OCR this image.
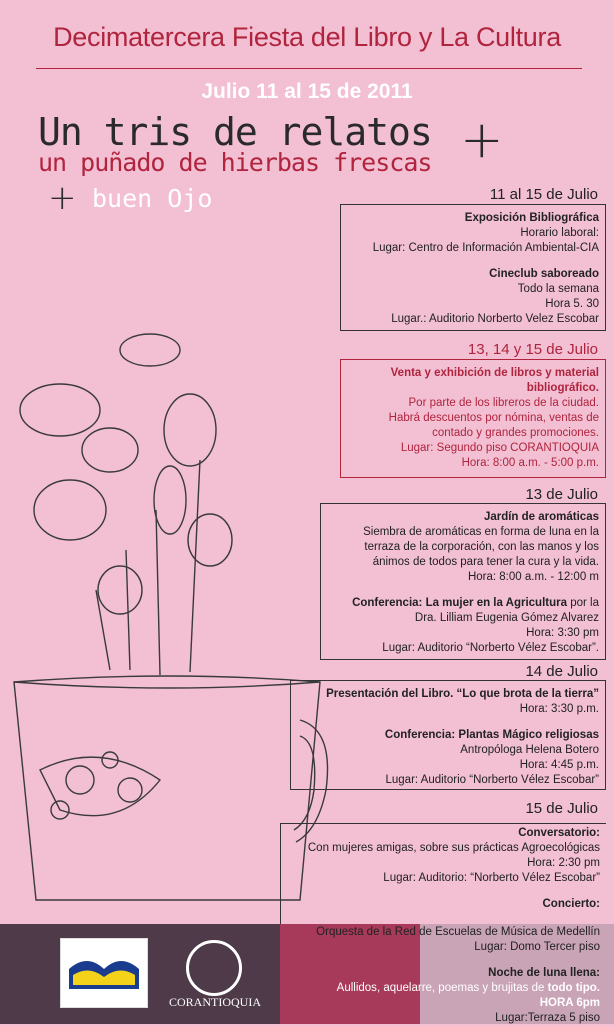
Decimatercera Fiesta del Libro y La Cultura
Julio 11 al 15 de 2011
Un tris de relatos +
un puñado de hierbas frescas
+ buen Ojo	11 al 15 de Julio

Exposición Bibliográfica

Horario laboral:

Lugar: Centro de Información Ambiental-CIA

Cineclub saboreado

Todo la semana

Hora 5. 30

Lugar.: Auditorio Norberto Velez Escobar

13, 14 y 15 de Julio

Venta y exhibición de libros y material bibliográfico.

Por parte de los libreros de la ciudad.

Habrá descuentos por nómina, ventas de

contado y grandes promociones.

Lugar: Segundo piso CORANTIOQUIA

Hora: 8:00 a.m. - 5:00 p.m.

13 de Julio

Jardín de aromáticas

Siembra de aromáticas en forma de luna en la

terraza de la corporación, con las manos y los

ánimos de todos para tener la cura y la vida.

Hora: 8:00 a.m. - 12:00 m

Conferencia: La mujer en la Agricultura por la

Dra. Lilliam Eugenia Gómez Alvarez

Hora: 3:30 pm

Lugar: Auditorio “Norberto Vélez Escobar”.

14 de Julio

Presentación del Libro. “Lo que brota de la tierra”

Hora: 3:30 p.m.

Conferencia: Plantas Mágico religiosas

Antropóloga Helena Botero

Hora: 4:45 p.m.

Lugar: Auditorio “Norberto Vélez Escobar”

15 de Julio
CORANTIOQUIA

Conversatorio:

Con mujeres amigas, sobre sus prácticas Agroecológicas

Hora: 2:30 pm

Lugar: Auditorio: “Norberto Vélez Escobar”

Concierto:

Orquesta de la Red de Escuelas de Música de Medellín

Lugar: Domo Tercer piso

Noche de luna llena:

Aullidos, aquelarre, poemas y brujitas de todo tipo.

HORA 6pm

Lugar:Terraza 5 piso
